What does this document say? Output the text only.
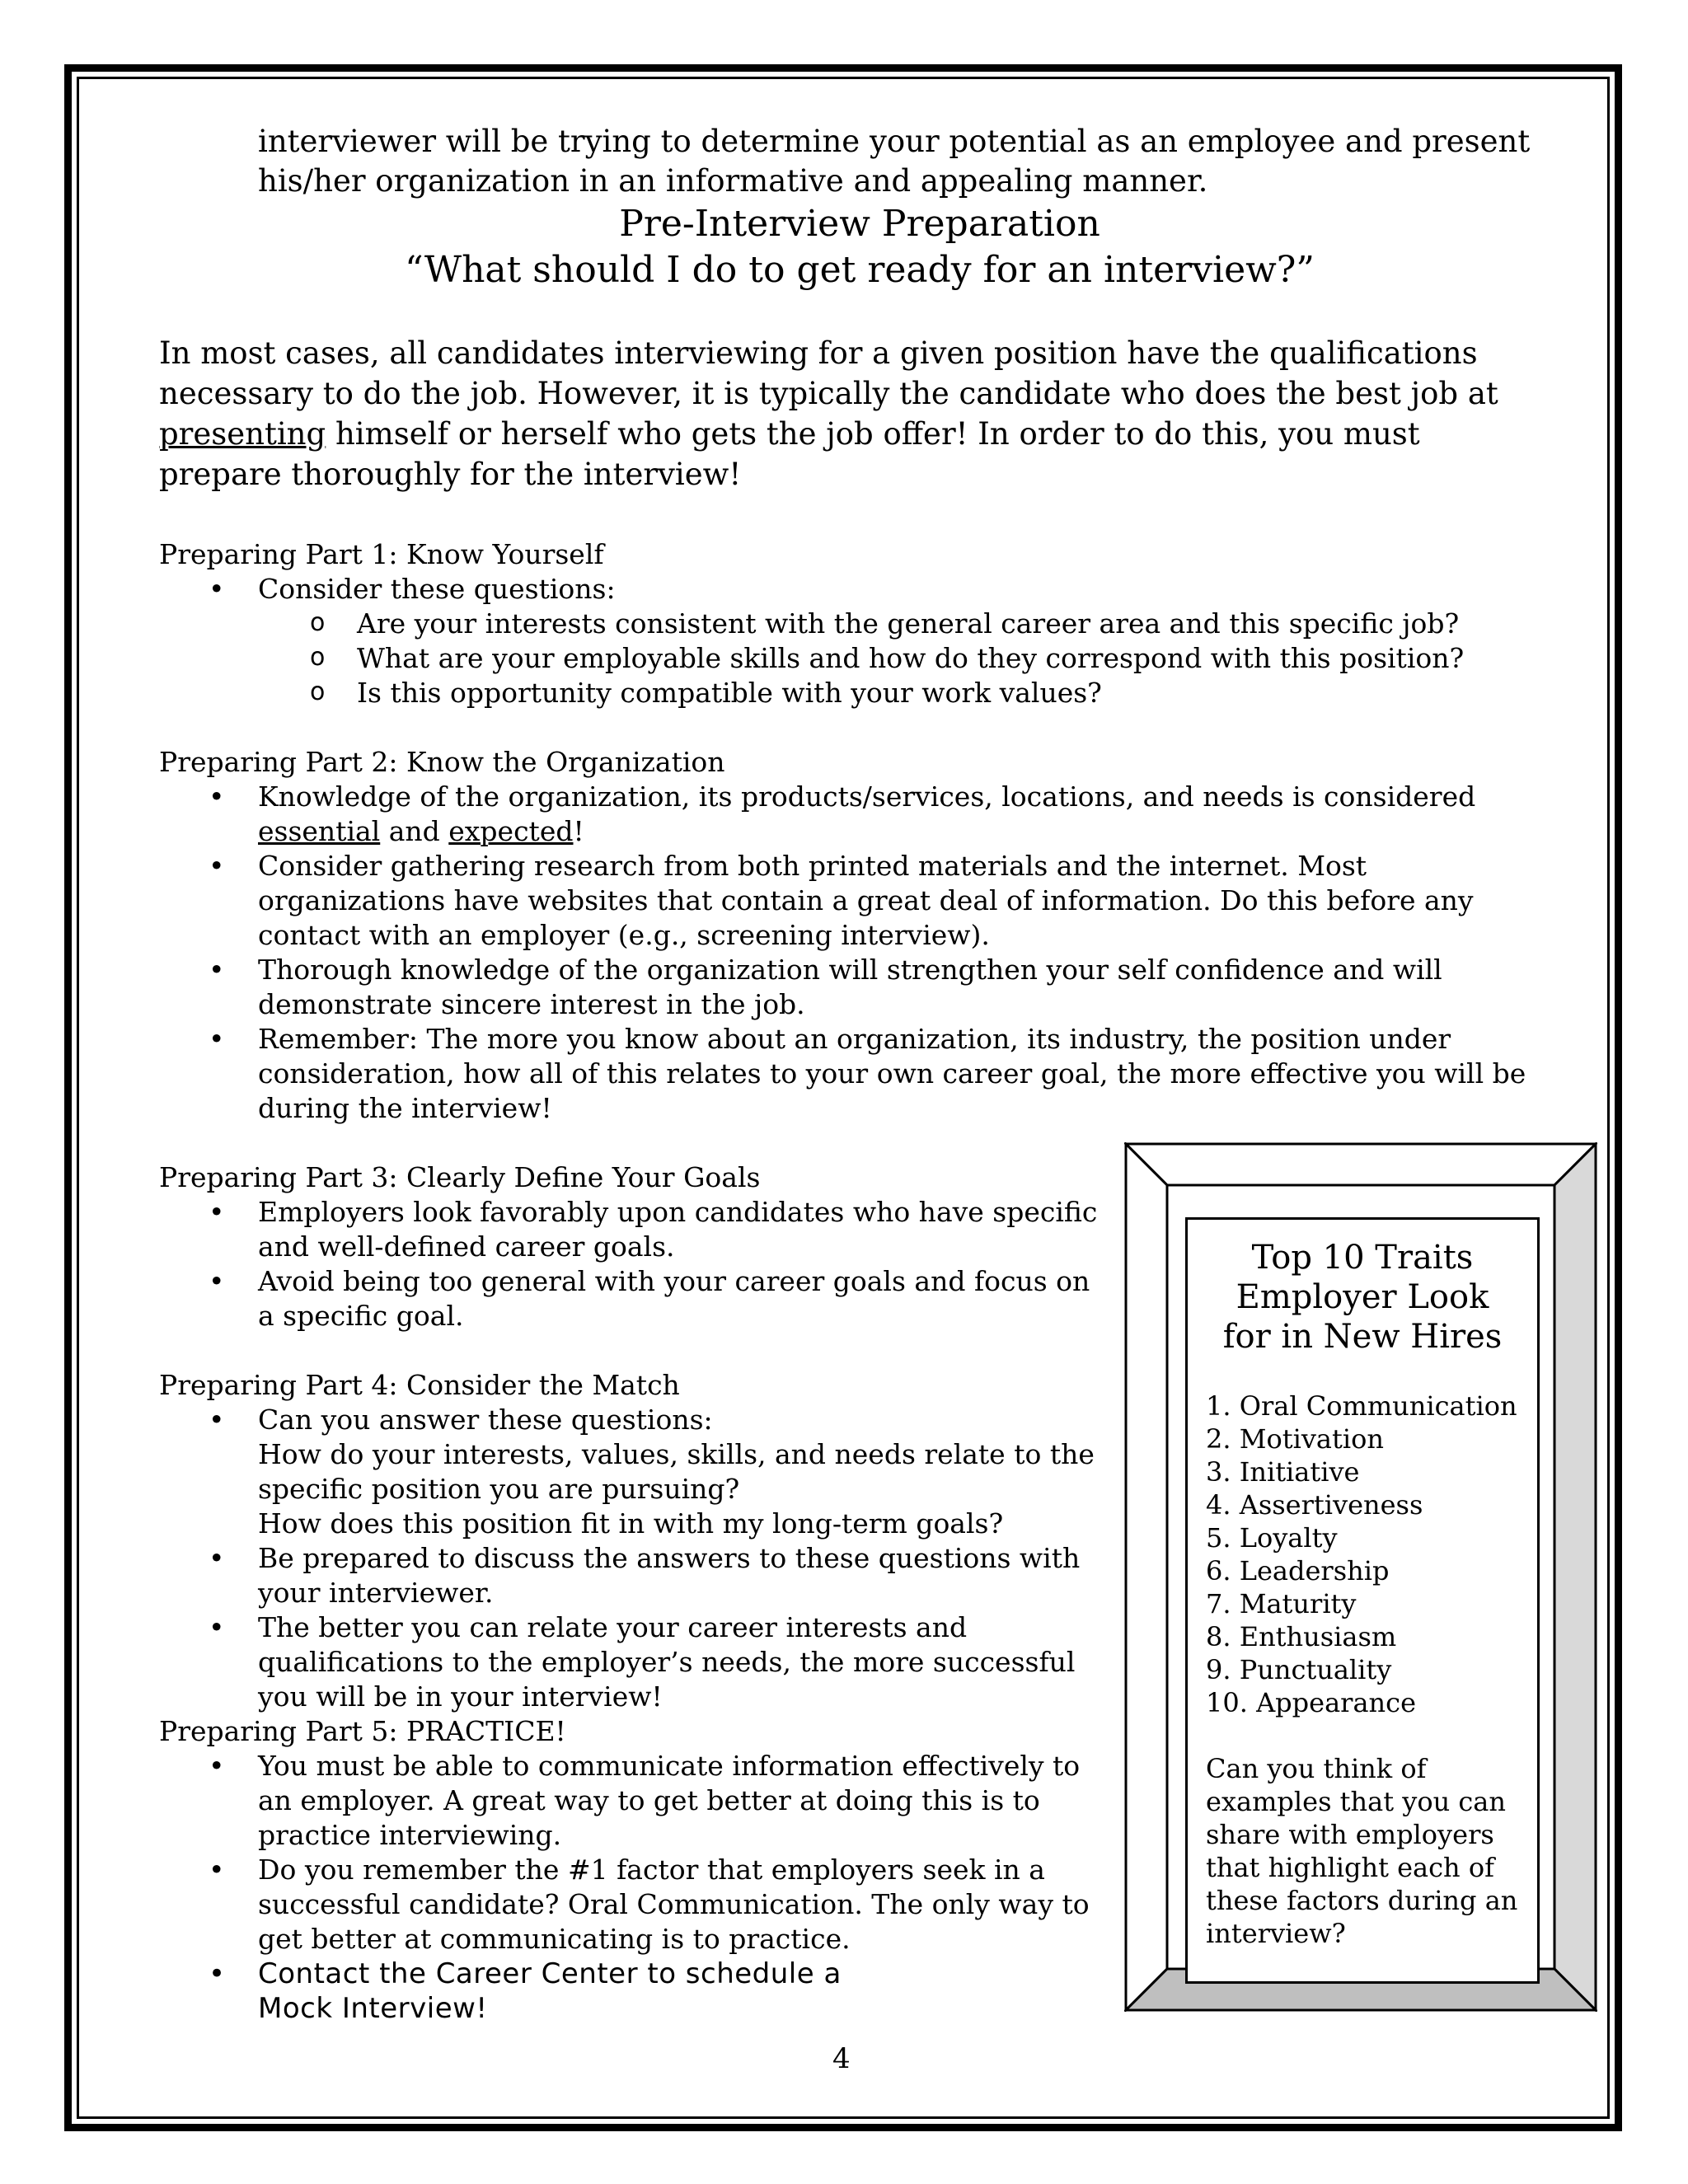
interviewer will be trying to determine your potential as an employee and present
his/her organization in an informative and appealing manner.
Pre-Interview Preparation
“What should I do to get ready for an interview?”

In most cases, all candidates interviewing for a given position have the qualifications necessary to do the job. However, it is typically the candidate who does the best job at presenting himself or herself who gets the job offer! In order to do this, you must prepare thoroughly for the interview!

Preparing Part 1: Know Yourself
• Consider these questions:
o Are your interests consistent with the general career area and this specific job?
o What are your employable skills and how do they correspond with this position?
o Is this opportunity compatible with your work values?
Preparing Part 2: Know the Organization
• Knowledge of the organization, its products/services, locations, and needs is considered essential and expected!
• Consider gathering research from both printed materials and the internet. Most organizations have websites that contain a great deal of information. Do this before any contact with an employer (e.g., screening interview).
• Thorough knowledge of the organization will strengthen your self confidence and will demonstrate sincere interest in the job.
• Remember: The more you know about an organization, its industry, the position under consideration, how all of this relates to your own career goal, the more effective you will be during the interview!
Preparing Part 3: Clearly Define Your Goals
• Employers look favorably upon candidates who have specific and well-defined career goals.
• Avoid being too general with your career goals and focus on a specific goal.
Preparing Part 4: Consider the Match
• Can you answer these questions:
How do your interests, values, skills, and needs relate to the specific position you are pursuing?
How does this position fit in with my long-term goals?
• Be prepared to discuss the answers to these questions with your interviewer.
• The better you can relate your career interests and qualifications to the employer’s needs, the more successful you will be in your interview!
Preparing Part 5: PRACTICE!
• You must be able to communicate information effectively to an employer. A great way to get better at doing this is to practice interviewing.
• Do you remember the #1 factor that employers seek in a successful candidate? Oral Communication. The only way to get better at communicating is to practice.
• Contact the Career Center to schedule a
Mock Interview!
Top 10 Traits
Employer Look
for in New Hires
1. Oral Communication
2. Motivation
3. Initiative
4. Assertiveness
5. Loyalty
6. Leadership
7. Maturity
8. Enthusiasm
9. Punctuality
10. Appearance

Can you think of examples that you can share with employers that highlight each of these factors during an interview?

4
